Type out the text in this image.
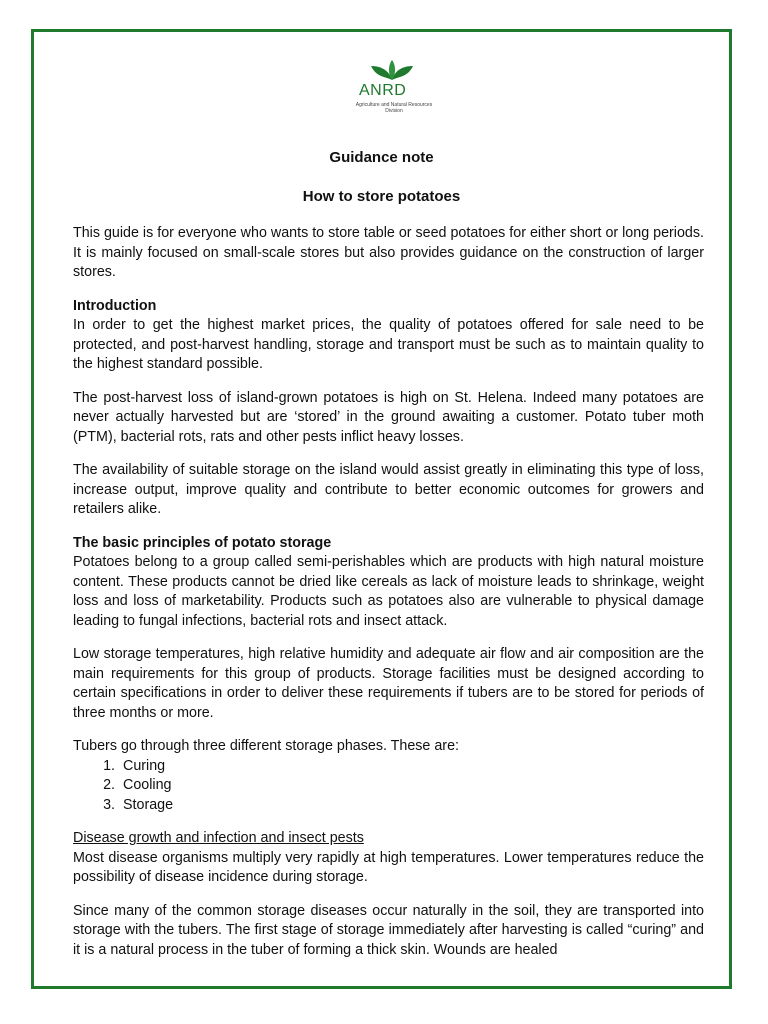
ANRD
Agriculture and Natural Resources Division
Guidance note
How to store potatoes

This guide is for everyone who wants to store table or seed potatoes for either short or long periods. It is mainly focused on small-scale stores but also provides guidance on the construction of larger stores.

Introduction

In order to get the highest market prices, the quality of potatoes offered for sale need to be protected, and post-harvest handling, storage and transport must be such as to maintain quality to the highest standard possible.

The post-harvest loss of island-grown potatoes is high on St. Helena. Indeed many potatoes are never actually harvested but are ‘stored’ in the ground awaiting a customer. Potato tuber moth (PTM), bacterial rots, rats and other pests inflict heavy losses.

The availability of suitable storage on the island would assist greatly in eliminating this type of loss, increase output, improve quality and contribute to better economic outcomes for growers and retailers alike.

The basic principles of potato storage

Potatoes belong to a group called semi-perishables which are products with high natural moisture content. These products cannot be dried like cereals as lack of moisture leads to shrinkage, weight loss and loss of marketability. Products such as potatoes also are vulnerable to physical damage leading to fungal infections, bacterial rots and insect attack.

Low storage temperatures, high relative humidity and adequate air flow and air composition are the main requirements for this group of products. Storage facilities must be designed according to certain specifications in order to deliver these requirements if tubers are to be stored for periods of three months or more.

Tubers go through three different storage phases. These are:

1. Curing
2. Cooling
3. Storage
Disease growth and infection and insect pests

Most disease organisms multiply very rapidly at high temperatures. Lower temperatures reduce the possibility of disease incidence during storage.

Since many of the common storage diseases occur naturally in the soil, they are transported into storage with the tubers. The first stage of storage immediately after harvesting is called “curing” and it is a natural process in the tuber of forming a thick skin. Wounds are healed
